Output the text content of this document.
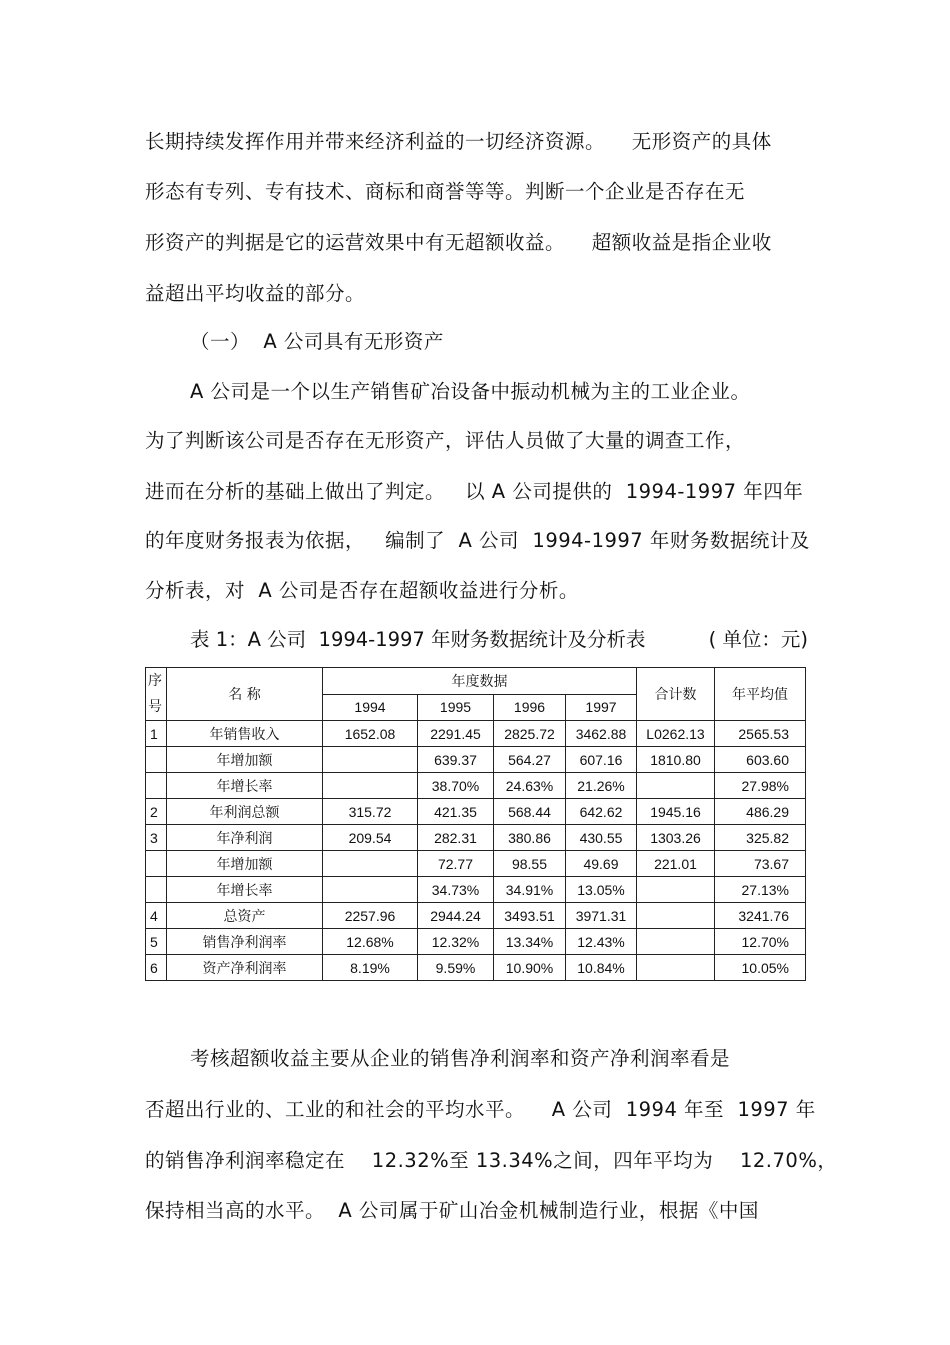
长期持续发挥作用并带来经济利益的一切经济资源。    无形资产的具体
形态有专列、专有技术、商标和商誉等等。判断一个企业是否存在无
形资产的判据是它的运营效果中有无超额收益。    超额收益是指企业收
益超出平均收益的部分。
（一）  A 公司具有无形资产
A 公司是一个以生产销售矿冶设备中振动机械为主的工业企业。
为了判断该公司是否存在无形资产，评估人员做了大量的调查工作，
进而在分析的基础上做出了判定。   以 A 公司提供的  1994-1997 年四年
的年度财务报表为依据，   编制了  A 公司  1994-1997 年财务数据统计及
分析表，对  A 公司是否存在超额收益进行分析。
表 1：A 公司  1994-1997 年财务数据统计及分析表	( 单位：元)
序
号	名 称	年度数据				合计数	年平均值
		1994	1995	1996	1997		
1	年销售收入	1652.08	2291.45	2825.72	3462.88	L0262.13	2565.53
	年增加额		639.37	564.27	607.16	1810.80	603.60
	年增长率		38.70%	24.63%	21.26%		27.98%
2	年利润总额	315.72	421.35	568.44	642.62	1945.16	486.29
3	年净利润	209.54	282.31	380.86	430.55	1303.26	325.82
	年增加额		72.77	98.55	49.69	221.01	73.67
	年增长率		34.73%	34.91%	13.05%		27.13%
4	总资产	2257.96	2944.24	3493.51	3971.31		3241.76
5	销售净利润率	12.68%	12.32%	13.34%	12.43%		12.70%
6	资产净利润率	8.19%	9.59%	10.90%	10.84%		10.05%
考核超额收益主要从企业的销售净利润率和资产净利润率看是
否超出行业的、工业的和社会的平均水平。    A 公司  1994 年至  1997 年
的销售净利润率稳定在    12.32%至 13.34%之间，四年平均为    12.70%，
保持相当高的水平。  A 公司属于矿山冶金机械制造行业，根据《中国
